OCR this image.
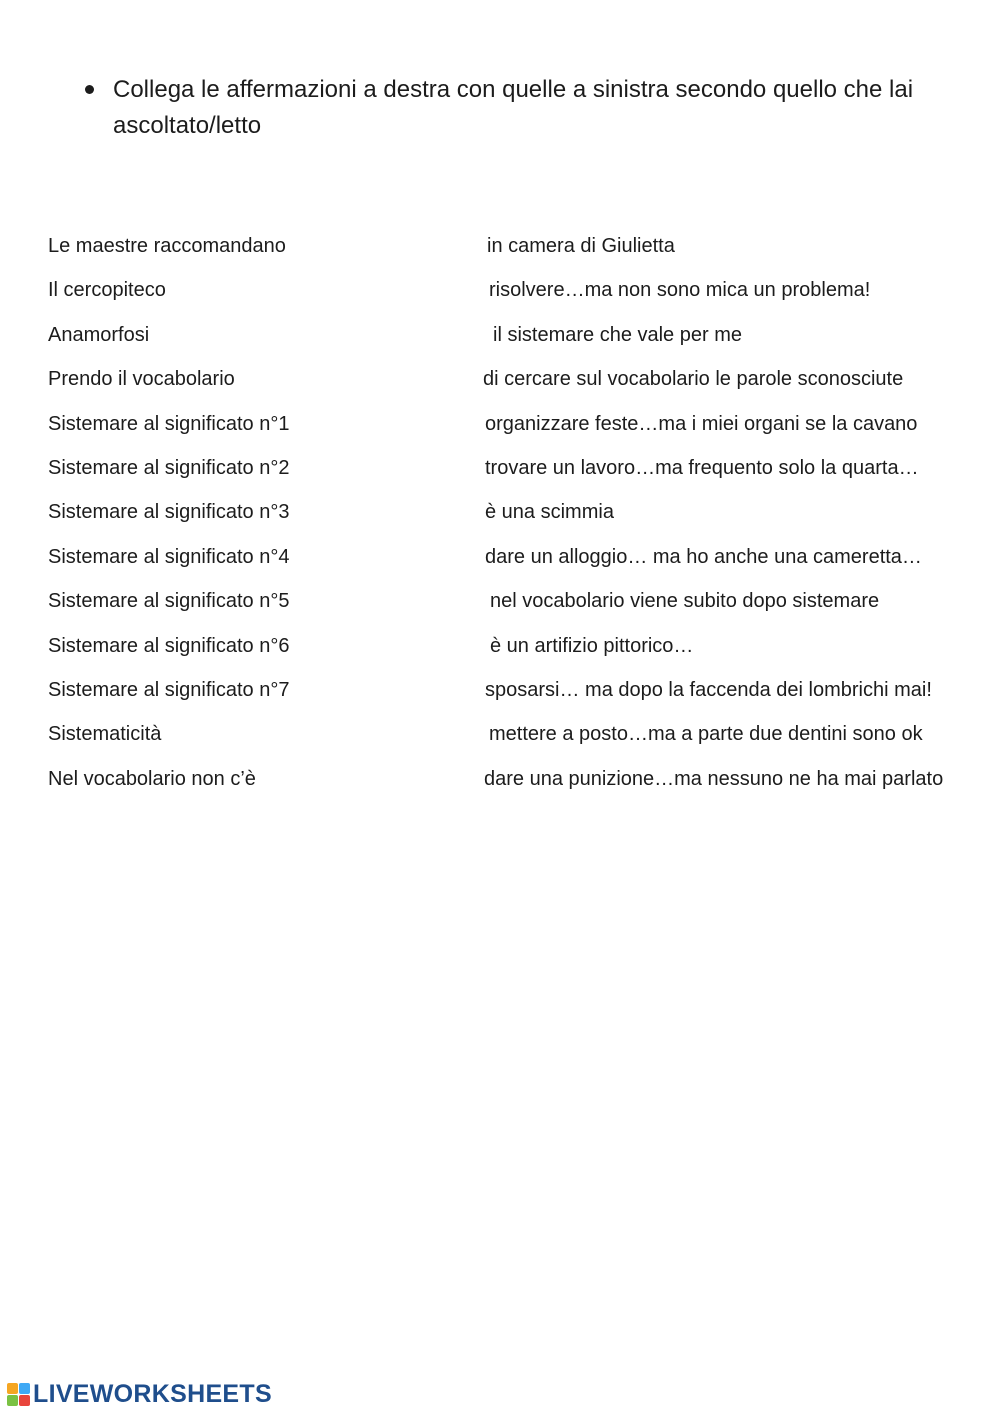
Collega le affermazioni a destra con quelle a sinistra secondo quello che lai ascoltato/letto
Le maestre raccomandano
Il cercopiteco
Anamorfosi
Prendo il vocabolario
Sistemare al significato n°1
Sistemare al significato n°2
Sistemare al significato n°3
Sistemare al significato n°4
Sistemare al significato n°5
Sistemare al significato n°6
Sistemare al significato n°7
Sistematicità
Nel vocabolario non c’è
in camera di Giulietta
risolvere…ma non sono mica un problema!
il sistemare che vale per me
di cercare sul vocabolario le parole sconosciute
organizzare feste…ma i miei organi se la cavano
trovare un lavoro…ma frequento solo la quarta…
è una scimmia
dare un alloggio… ma ho anche una cameretta…
nel vocabolario viene subito dopo sistemare
è un artifizio pittorico…
sposarsi… ma dopo la faccenda dei lombrichi mai!
mettere a posto…ma a parte due dentini sono ok
dare una punizione…ma nessuno ne ha mai parlato
LIVEWORKSHEETS
